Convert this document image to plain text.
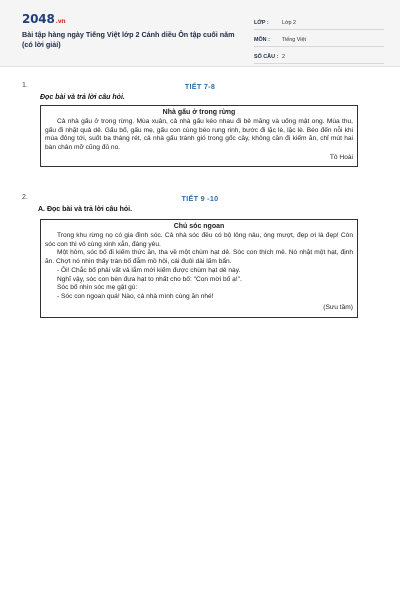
2048.vn
Bài tập hàng ngày Tiếng Việt lớp 2 Cánh diều Ôn tập cuối năm (có lời giải)
LỚP :	Lớp 2
MÔN :	Tiếng Việt
SỐ CÂU : 2
1.	TIẾT 7-8
Đọc bài và trả lời câu hỏi.
Nhà gấu ở trong rừng

Cả nhà gấu ở trong rừng. Mùa xuân, cả nhà gấu kéo nhau đi bẻ măng và uống mật ong. Mùa thu, gấu đi nhặt quả dẻ. Gấu bố, gấu mẹ, gấu con cùng béo rung rinh, bước đi lặc lè, lặc lè. Béo đến nỗi khi mùa đông tới, suốt ba tháng rét, cả nhà gấu tránh gió trong gốc cây, không cần đi kiếm ăn, chỉ mút hai bàn chân mỡ cũng đủ no.

Tô Hoài
2.	TIẾT 9 -10
A. Đọc bài và trả lời câu hỏi.
Chú sóc ngoan

Trong khu rừng nọ có gia đình sóc. Cả nhà sóc đều có bộ lông nâu, óng mượt, đẹp ơi là đẹp! Còn sóc con thì vô cùng xinh xắn, đáng yêu.

Một hôm, sóc bố đi kiếm thức ăn, tha về một chùm hạt dẻ. Sóc con thích mê. Nó nhặt một hạt, định ăn. Chợt nó nhìn thấy trán bố đẫm mồ hôi, cái đuôi dài lấm bẩn.

- Ôi! Chắc bố phải vất vả lắm mới kiếm được chùm hạt dẻ này.

Nghĩ vậy, sóc con bèn đưa hạt to nhất cho bố: "Con mời bố ạ!".

Sóc bố nhìn sóc mẹ gật gù:

- Sóc con ngoan quá! Nào, cả nhà mình cùng ăn nhé!

(Sưu tầm)
